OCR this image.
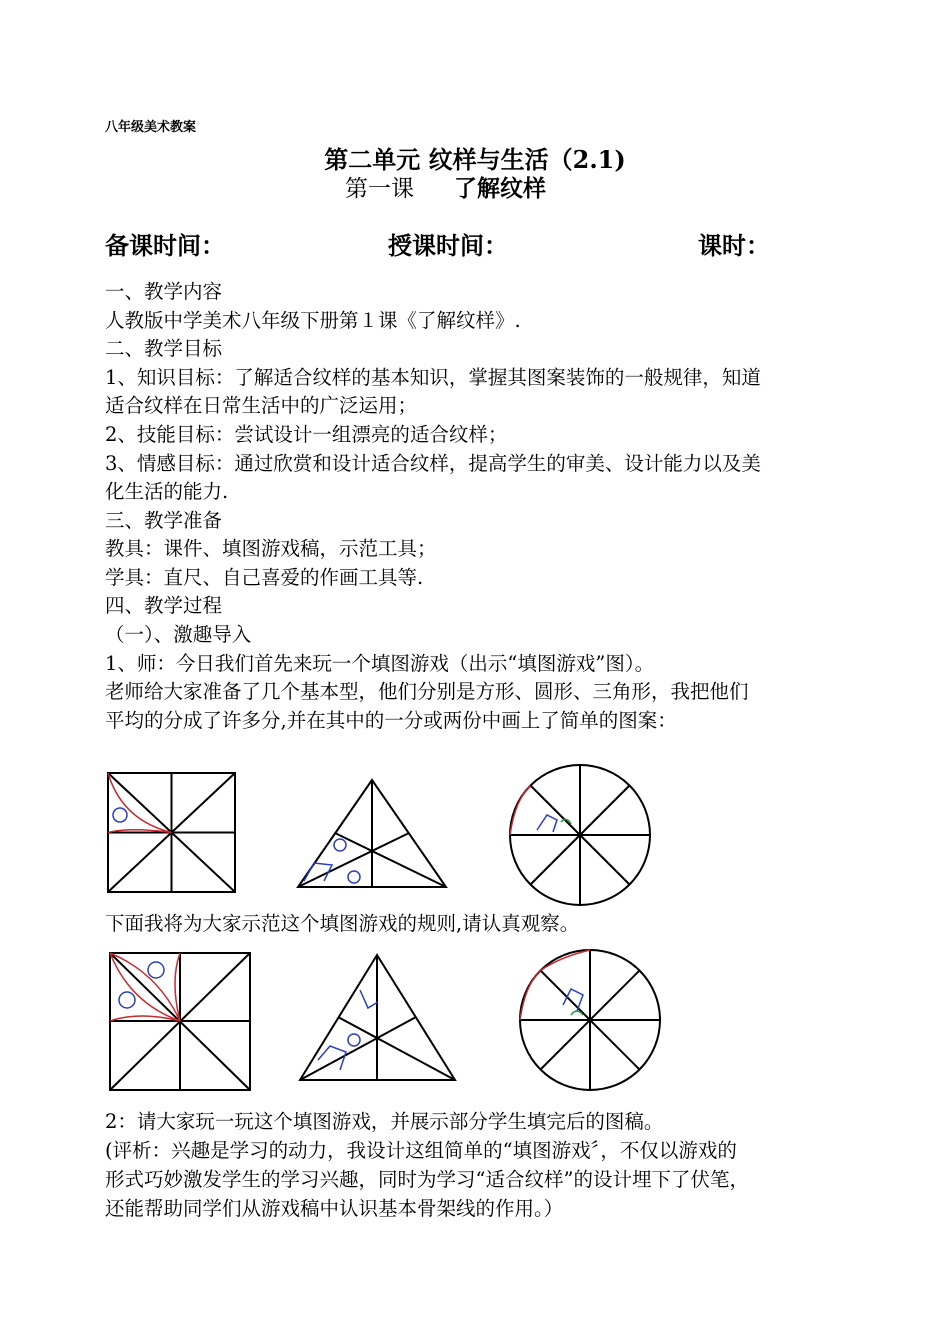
八年级美术教案
第二单元 纹样与生活（2.1)
第一课 了解纹样
备课时间：	授课时间：	课时：
一、教学内容
人教版中学美术八年级下册第１课《了解纹样》.
二、教学目标
1、知识目标：了解适合纹样的基本知识，掌握其图案装饰的一般规律，知道
适合纹样在日常生活中的广泛运用；
2、技能目标：尝试设计一组漂亮的适合纹样；
3、情感目标：通过欣赏和设计适合纹样，提高学生的审美、设计能力以及美
化生活的能力.
三、教学准备
教具：课件、填图游戏稿，示范工具；
学具：直尺、自己喜爱的作画工具等.
四、教学过程
（一）、激趣导入
1、师：今日我们首先来玩一个填图游戏（出示“填图游戏”图）。
老师给大家准备了几个基本型，他们分别是方形、圆形、三角形，我把他们
平均的分成了许多分,并在其中的一分或两份中画上了简单的图案：
下面我将为大家示范这个填图游戏的规则,请认真观察。
2：请大家玩一玩这个填图游戏，并展示部分学生填完后的图稿。
(评析：兴趣是学习的动力，我设计这组简单的“填图游戏〞，不仅以游戏的
形式巧妙激发学生的学习兴趣，同时为学习“适合纹样”的设计埋下了伏笔，
还能帮助同学们从游戏稿中认识基本骨架线的作用。）
